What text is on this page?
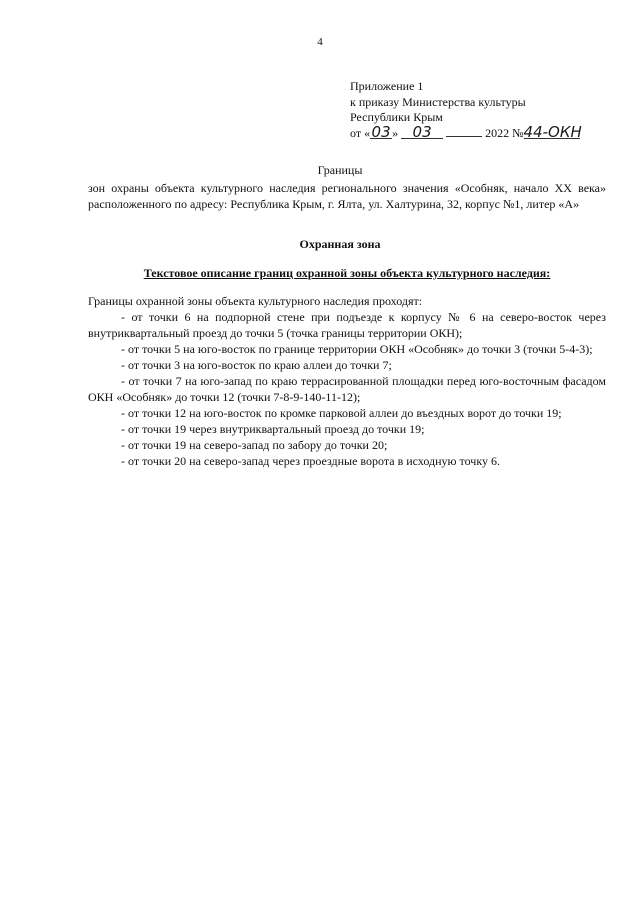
4
Приложение 1
к приказу Министерства культуры
Республики Крым
от «03» 03	2022 №44-ОКН
Границы
зон охраны объекта культурного наследия регионального значения «Особняк, начало XX века» расположенного по адресу: Республика Крым, г. Ялта, ул. Халтурина, 32, корпус №1, литер «А»
Охранная зона
Текстовое описание границ охранной зоны объекта культурного наследия:

Границы охранной зоны объекта культурного наследия проходят:

- от точки 6 на подпорной стене при подъезде к корпусу № 6 на северо-восток через внутриквартальный проезд до точки 5 (точка границы территории ОКН);

- от точки 5 на юго-восток по границе территории ОКН «Особняк» до точки 3 (точки 5-4-3);

- от точки 3 на юго-восток по краю аллеи до точки 7;

- от точки 7 на юго-запад по краю террасированной площадки перед юго-восточным фасадом ОКН «Особняк» до точки 12 (точки 7-8-9-140-11-12);

- от точки 12 на юго-восток по кромке парковой аллеи до въездных ворот до точки 19;

- от точки 19 через внутриквартальный проезд до точки 19;

- от точки 19 на северо-запад по забору до точки 20;

- от точки 20 на северо-запад через проездные ворота в исходную точку 6.
